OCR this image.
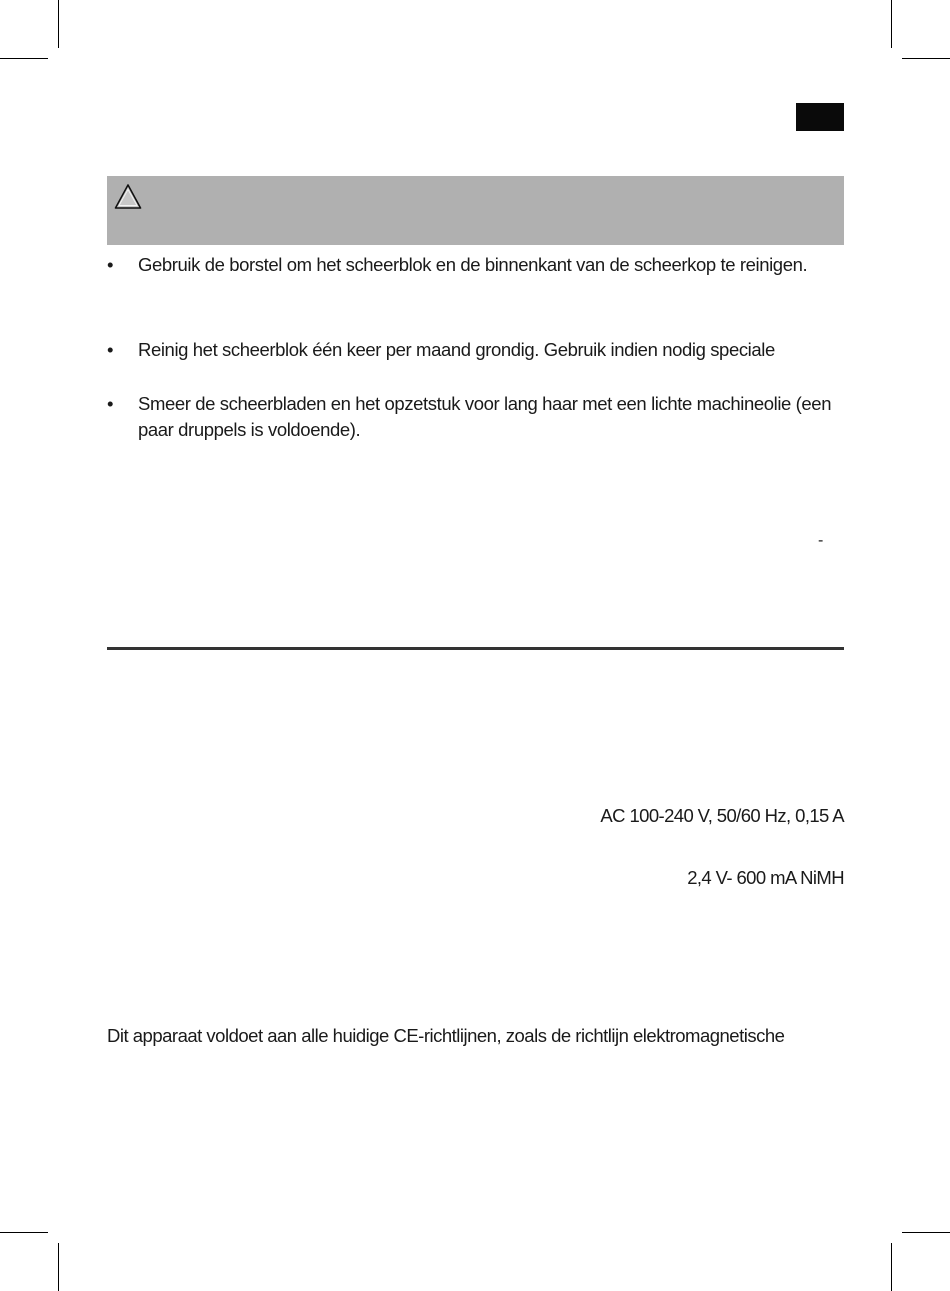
•	Gebruik de borstel om het scheerblok en de binnenkant van de scheerkop te reinigen.
•	Reinig het scheerblok één keer per maand grondig. Gebruik indien nodig speciale
•	Smeer de scheerbladen en het opzetstuk voor lang haar met een lichte machineolie (een paar druppels is voldoende).
-
AC 100-240 V, 50/60 Hz, 0,15 A
2,4 V- 600 mA NiMH

Dit apparaat voldoet aan alle huidige CE-richtlijnen, zoals de richtlijn elektromagnetische
